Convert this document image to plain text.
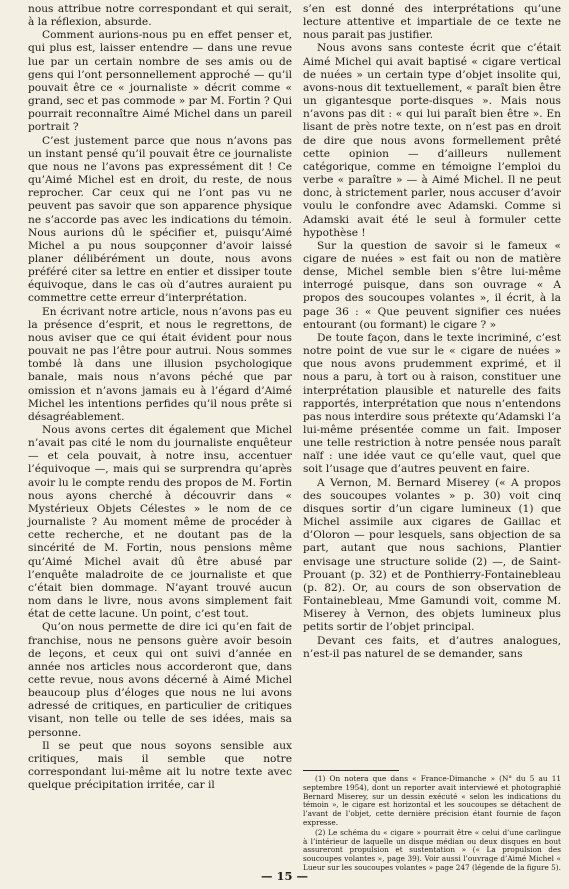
nous attribue notre correspondant et qui serait, à la réflexion, absurde.

Comment aurions-nous pu en effet penser et, qui plus est, laisser entendre — dans une revue lue par un certain nombre de ses amis ou de gens qui l’ont personnellement approché — qu’il pouvait être ce « journaliste » décrit comme « grand, sec et pas commode » par M. Fortin ? Qui pourrait reconnaître Aimé Michel dans un pareil portrait ?

C’est justement parce que nous n’avons pas un instant pensé qu’il pouvait être ce journaliste que nous ne l’avons pas expressément dit ! Ce qu’Aimé Michel est en droit, du reste, de nous reprocher. Car ceux qui ne l’ont pas vu ne peuvent pas savoir que son apparence physique ne s’accorde pas avec les indications du témoin. Nous aurions dû le spécifier et, puisqu’Aimé Michel a pu nous soupçonner d’avoir laissé planer délibérément un doute, nous avons préféré citer sa lettre en entier et dissiper toute équivoque, dans le cas où d’autres auraient pu commettre cette erreur d’interprétation.

En écrivant notre article, nous n’avons pas eu la présence d’esprit, et nous le regrettons, de nous aviser que ce qui était évident pour nous pouvait ne pas l’être pour autrui. Nous sommes tombé là dans une illusion psychologique banale, mais nous n’avons péché que par omission et n’avons jamais eu à l’égard d’Aimé Michel les intentions perfides qu’il nous prête si désagréablement.

Nous avons certes dit également que Michel n’avait pas cité le nom du journaliste enquêteur — et cela pouvait, à notre insu, accentuer l’équivoque —, mais qui se surprendra qu’après avoir lu le compte rendu des propos de M. Fortin nous ayons cherché à découvrir dans « Mystérieux Objets Célestes » le nom de ce journaliste ? Au moment même de procéder à cette recherche, et ne doutant pas de la sincérité de M. Fortin, nous pensions même qu’Aimé Michel avait dû être abusé par l’enquête maladroite de ce journaliste et que c’était bien dommage. N’ayant trouvé aucun nom dans le livre, nous avons simplement fait état de cette lacune. Un point, c’est tout.

Qu’on nous permette de dire ici qu’en fait de franchise, nous ne pensons guère avoir besoin de leçons, et ceux qui ont suivi d’année en année nos articles nous accorderont que, dans cette revue, nous avons décerné à Aimé Michel beaucoup plus d’éloges que nous ne lui avons adressé de critiques, en particulier de critiques visant, non telle ou telle de ses idées, mais sa personne.

Il se peut que nous soyons sensible aux critiques, mais il semble que notre correspondant lui-même ait lu notre texte avec quelque précipitation irritée, car il

s’en est donné des interprétations qu’une lecture attentive et impartiale de ce texte ne nous parait pas justifier.

Nous avons sans conteste écrit que c’était Aimé Michel qui avait baptisé « cigare vertical de nuées » un certain type d’objet insolite qui, avons-nous dit textuellement, « paraît bien être un gigantesque porte-disques ». Mais nous n’avons pas dit : « qui lui paraît bien être ». En lisant de près notre texte, on n’est pas en droit de dire que nous avons formellement prêté cette opinion — d’ailleurs nullement catégorique, comme en témoigne l’emploi du verbe « paraître » — à Aimé Michel. Il ne peut donc, à strictement parler, nous accuser d’avoir voulu le confondre avec Adamski. Comme si Adamski avait été le seul à formuler cette hypothèse !

Sur la question de savoir si le fameux « cigare de nuées » est fait ou non de matière dense, Michel semble bien s’être lui-même interrogé puisque, dans son ouvrage « A propos des soucoupes volantes », il écrit, à la page 36 : « Que peuvent signifier ces nuées entourant (ou formant) le cigare ? »

De toute façon, dans le texte incriminé, c’est notre point de vue sur le « cigare de nuées » que nous avons prudemment exprimé, et il nous a paru, à tort ou à raison, constituer une interprétation plausible et naturelle des faits rapportés, interprétation que nous n’entendons pas nous interdire sous prétexte qu’Adamski l’a lui-même présentée comme un fait. Imposer une telle restriction à notre pensée nous paraît naïf : une idée vaut ce qu’elle vaut, quel que soit l’usage que d’autres peuvent en faire.

A Vernon, M. Bernard Miserey (« A propos des soucoupes volantes » p. 30) voit cinq disques sortir d’un cigare lumineux (1) que Michel assimile aux cigares de Gaillac et d’Oloron — pour lesquels, sans objection de sa part, autant que nous sachions, Plantier envisage une structure solide (2) —, de Saint-Prouant (p. 32) et de Ponthierry-Fontainebleau (p. 82). Or, au cours de son observation de Fontainebleau, Mme Gamundi voit, comme M. Miserey à Vernon, des objets lumineux plus petits sortir de l’objet principal.

Devant ces faits, et d’autres analogues, n’est-il pas naturel de se demander, sans

(1) On notera que dans « France-Dimanche » (N° du 5 au 11 septembre 1954), dont un reporter avait interviewé et photographié Bernard Miserey, sur un dessin exécuté « selon les indications du témoin », le cigare est horizontal et les soucoupes se détachent de l’avant de l’objet, cette dernière précision étant fournie de façon expresse.

(2) Le schéma du « cigare » pourrait être « celui d’une carlingue à l’intérieur de laquelle un disque médian ou deux disques en bout assureront propulsion et sustentation » (« La propulsion des soucoupes volantes », page 39). Voir aussi l’ouvrage d’Aimé Michel « Lueur sur les soucoupes volantes » page 247 (légende de la figure 5).

— 15 —
